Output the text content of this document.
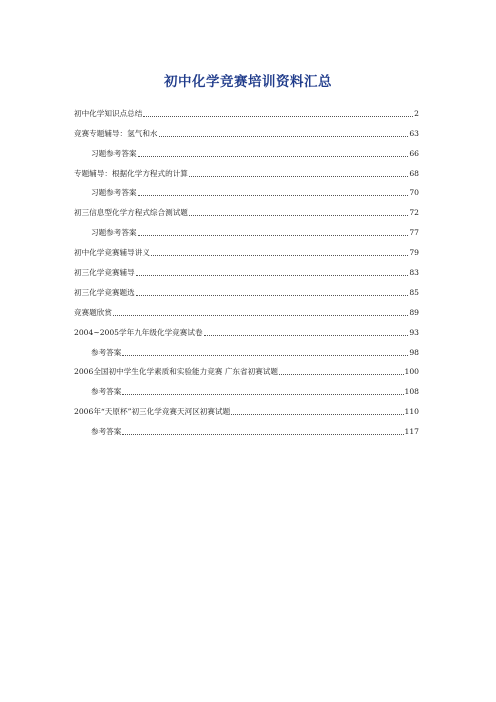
初中化学竞赛培训资料汇总
初中化学知识点总结	2
竞赛专题辅导：氢气和水	63
习题参考答案	66
专题辅导：根据化学方程式的计算	68
习题参考答案	70
初三信息型化学方程式综合测试题	72
习题参考答案	77
初中化学竞赛辅导讲义	79
初三化学竞赛辅导	83
初三化学竞赛题选	85
竞赛题欣赏	89
2004~2005学年九年级化学竞赛试卷	93
参考答案	98
2006全国初中学生化学素质和实验能力竞赛 广东省初赛试题	100
参考答案	108
2006年“天原杯”初三化学竞赛天河区初赛试题	110
参考答案	117
